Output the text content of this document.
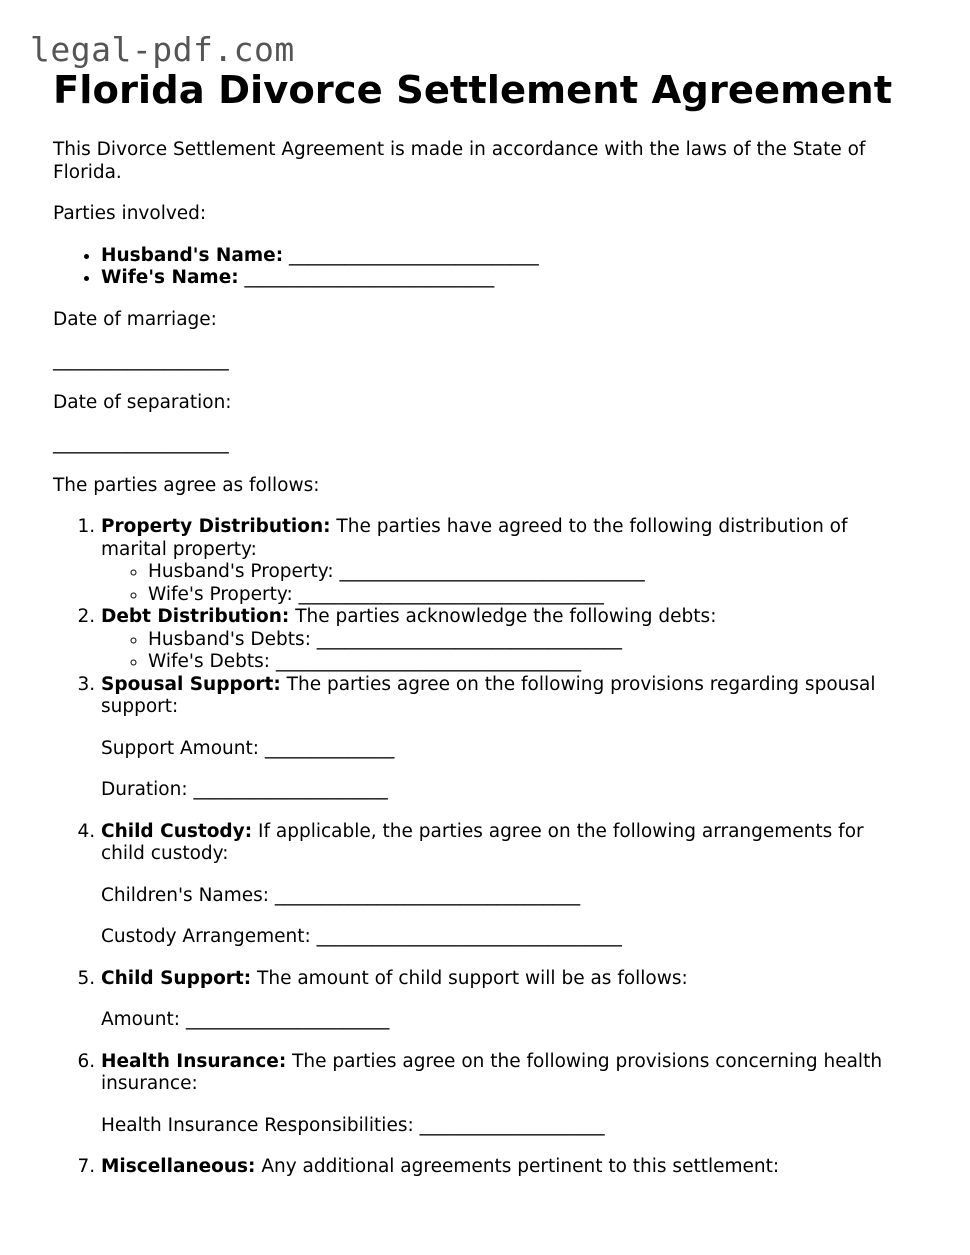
legal-pdf.com
Florida Divorce Settlement Agreement

This Divorce Settlement Agreement is made in accordance with the laws of the State of Florida.

Parties involved:

• Husband's Name: ___________________________
• Wife's Name: ___________________________

Date of marriage:

___________________

Date of separation:

___________________

The parties agree as follows:

1. Property Distribution: The parties have agreed to the following distribution of marital property:
◦ Husband's Property: _________________________________
◦ Wife's Property: _________________________________
2. Debt Distribution: The parties acknowledge the following debts:
◦ Husband's Debts: _________________________________
◦ Wife's Debts: _________________________________
3. Spousal Support: The parties agree on the following provisions regarding spousal support:

Support Amount: ______________

Duration: _____________________

4. Child Custody: If applicable, the parties agree on the following arrangements for child custody:

Children's Names: _________________________________

Custody Arrangement: _________________________________

5. Child Support: The amount of child support will be as follows:

Amount: ______________________

6. Health Insurance: The parties agree on the following provisions concerning health insurance:

Health Insurance Responsibilities: ____________________

7. Miscellaneous: Any additional agreements pertinent to this settlement:
